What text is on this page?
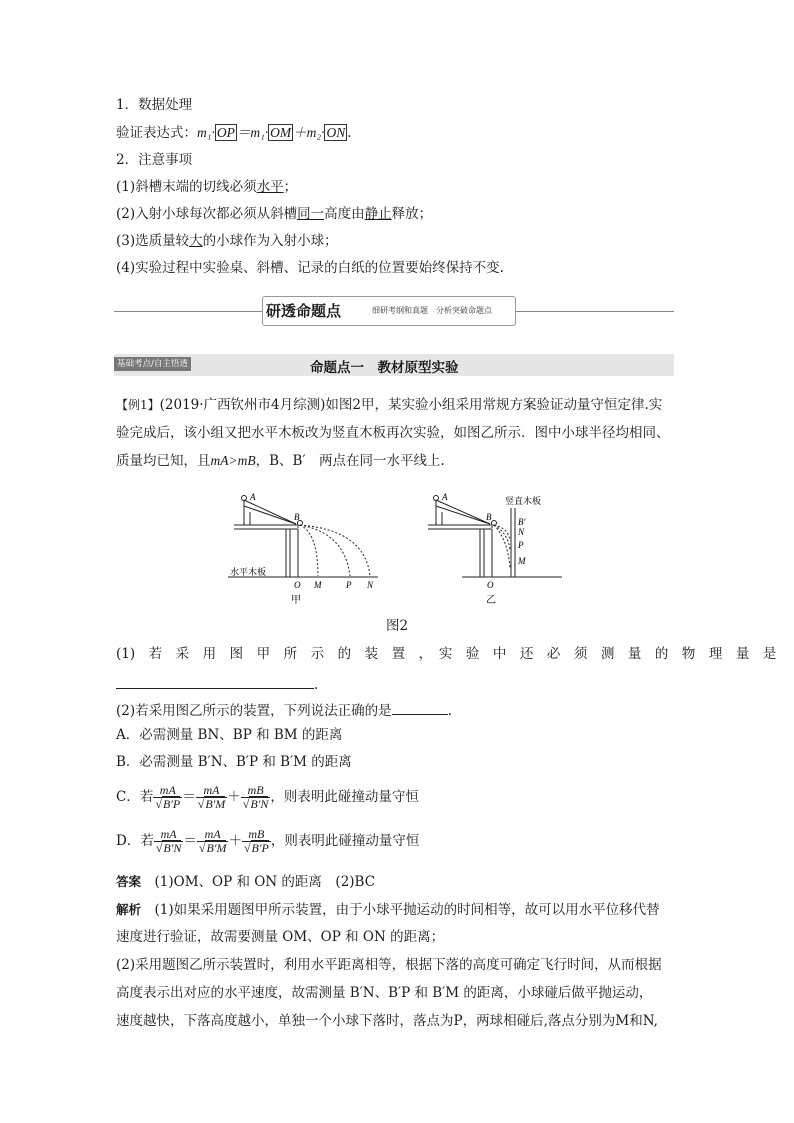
1．数据处理
验证表达式：m₁· OP ＝m₁· OM ＋m₂· ON .
2．注意事项
(1)斜槽末端的切线必须水平；
(2)入射小球每次都必须从斜槽同一高度由静止释放；
(3)选质量较大的小球作为入射小球；
(4)实验过程中实验桌、斜槽、记录的白纸的位置要始终保持不变.
研透命题点	细研考纲和真题　分析突破命题点
基础考点/自主悟透	命题点一　教材原型实验
【例1】(2019·广西钦州市4月综测)如图2甲，某实验小组采用常规方案验证动量守恒定律.实
验完成后，该小组又把水平木板改为竖直木板再次实验，如图乙所示．图中小球半径均相同、
质量均已知，且mA>mB，B、B′　两点在同一水平线上.
A
B
水平木板
O M	P N
甲
A
B
竖直木板
B′
N
P
M
O
乙
图2
(1)　若　采　用　图　甲　所　示　的　装　置　，　实　验　中　还　必　须　测　量　的　物　理　量　是
.
(2)若采用图乙所示的装置，下列说法正确的是	.
A．必需测量 BN、BP 和 BM 的距离
B．必需测量 B′N、B′P 和 B′M 的距离
C．若 $\frac{mA}{√B'P} = \frac{mA}{√B'M} + \frac{mB}{√B'N}$ ，则表明此碰撞动量守恒
D．若 $\frac{mA}{√B'N} = \frac{mA}{√B'M} + \frac{mB}{√B'P}$ ，则表明此碰撞动量守恒
答案　 (1)OM、OP 和 ON 的距离　(2)BC
解析　 (1)如果采用题图甲所示装置，由于小球平抛运动的时间相等，故可以用水平位移代替
速度进行验证，故需要测量 OM、OP 和 ON 的距离；
(2)采用题图乙所示装置时，利用水平距离相等，根据下落的高度可确定飞行时间，从而根据
高度表示出对应的水平速度，故需测量 B′N、B′P 和 B′M 的距离，小球碰后做平抛运动，
速度越快，下落高度越小，单独一个小球下落时，落点为P，两球相碰后,落点分别为M和N,
